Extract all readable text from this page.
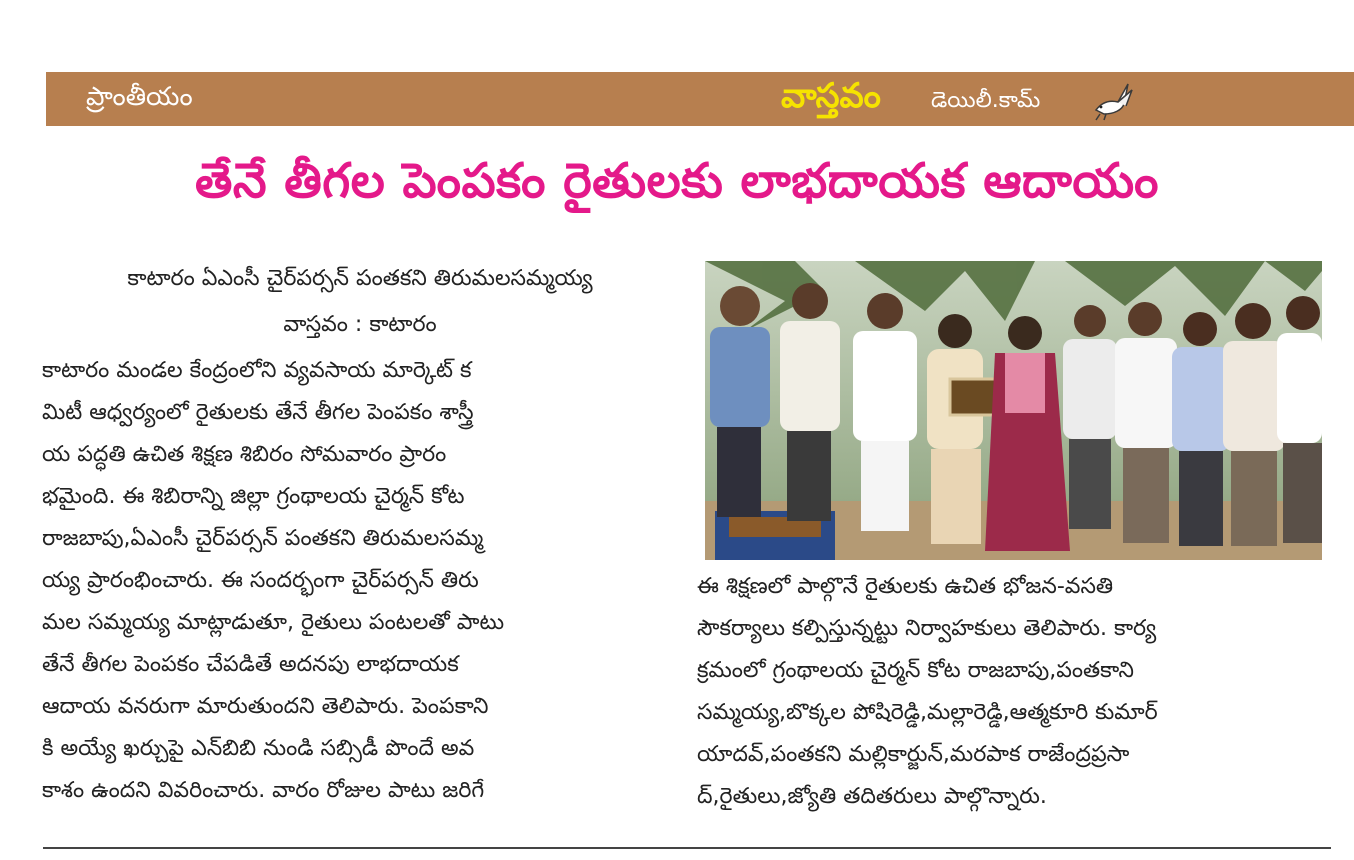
ప్రాంతీయం	వాస్తవం డెయిలీ.కామ్
తేనే తీగల పెంపకం రైతులకు లాభదాయక ఆదాయం
కాటారం ఏఎంసీ చైర్‌పర్సన్ పంతకని తిరుమలసమ్మయ్య
వాస్తవం : కాటారం

కాటారం మండల కేంద్రంలోని వ్యవసాయ మార్కెట్ క

మిటీ ఆధ్వర్యంలో రైతులకు తేనే తీగల పెంపకం శాస్త్రీ

య పద్ధతి ఉచిత శిక్షణ శిబిరం సోమవారం ప్రారం

భమైంది. ఈ శిబిరాన్ని జిల్లా గ్రంథాలయ చైర్మన్ కోట

రాజబాపు,ఏఎంసీ చైర్‌పర్సన్ పంతకని తిరుమలసమ్మ

య్య ప్రారంభించారు. ఈ సందర్భంగా చైర్‌పర్సన్ తిరు

మల సమ్మయ్య మాట్లాడుతూ, రైతులు పంటలతో పాటు

తేనే తీగల పెంపకం చేపడితే అదనపు లాభదాయక

ఆదాయ వనరుగా మారుతుందని తెలిపారు. పెంపకాని

కి అయ్యే ఖర్చుపై ఎన్‌బిబి నుండి సబ్సిడీ పొందే అవ

కాశం ఉందని వివరించారు. వారం రోజుల పాటు జరిగే

ఈ శిక్షణలో పాల్గొనే రైతులకు ఉచిత భోజన-వసతి

సౌకర్యాలు కల్పిస్తున్నట్టు నిర్వాహకులు తెలిపారు. కార్య

క్రమంలో గ్రంథాలయ చైర్మన్ కోట రాజబాపు,పంతకాని

సమ్మయ్య,బొక్కల పోషిరెడ్డి,మల్లారెడ్డి,ఆత్మకూరి కుమార్

యాదవ్,పంతకని మల్లికార్జున్,మరపాక రాజేంద్రప్రసా

ద్,రైతులు,జ్యోతి తదితరులు పాల్గొన్నారు.
